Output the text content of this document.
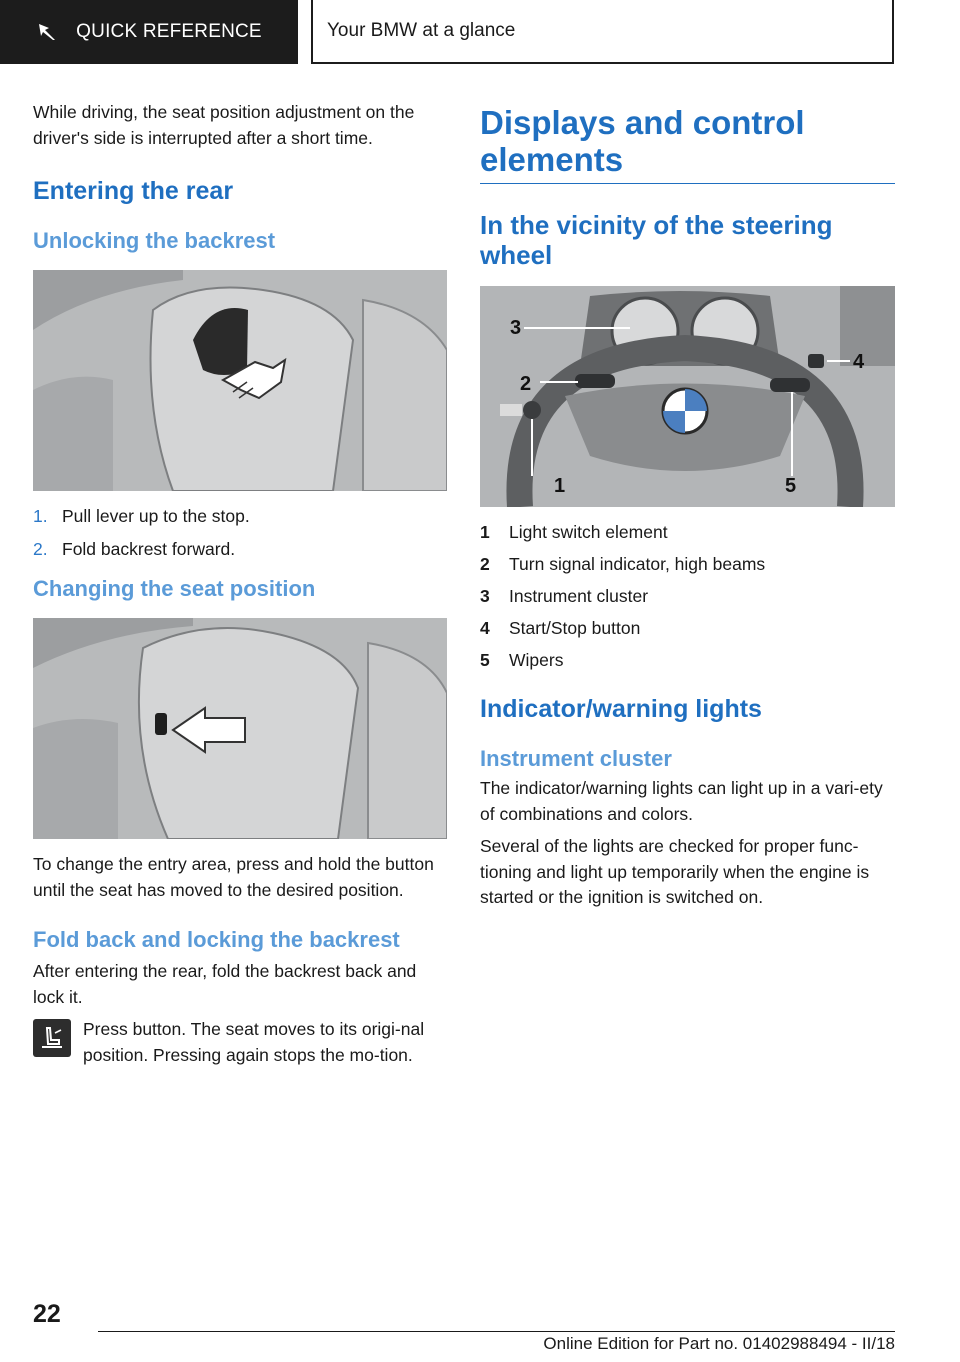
QUICK REFERENCE	Your BMW at a glance

While driving, the seat position adjustment on the driver's side is interrupted after a short time.

Entering the rear
Unlocking the backrest
1. Pull lever up to the stop.
2. Fold backrest forward.
Changing the seat position

To change the entry area, press and hold the button until the seat has moved to the desired position.

Fold back and locking the backrest

After entering the rear, fold the backrest back and lock it.

Press button. The seat moves to its origi‐nal position. Pressing again stops the mo‐tion.

Displays and control elements
In the vicinity of the steering wheel
3
2
4
1	5
1	Light switch element
2	Turn signal indicator, high beams
3	Instrument cluster
4	Start/Stop button
5	Wipers
Indicator/warning lights
Instrument cluster

The indicator/warning lights can light up in a vari‐ety of combinations and colors.

Several of the lights are checked for proper func‐tioning and light up temporarily when the engine is started or the ignition is switched on.

22
Online Edition for Part no. 01402988494 - II/18
